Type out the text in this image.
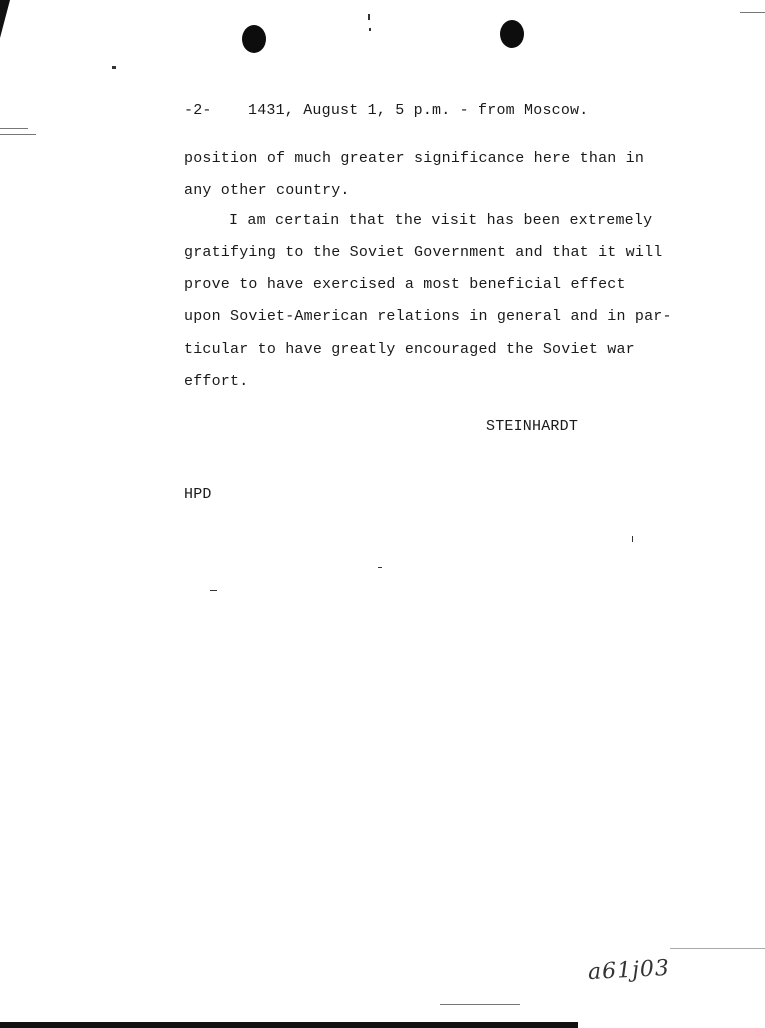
-2- 1431, August 1, 5 p.m. - from Moscow.
position of much greater significance here than in
any other country.
I am certain that the visit has been extremely
gratifying to the Soviet Government and that it will
prove to have exercised a most beneficial effect
upon Soviet-American relations in general and in par-
ticular to have greatly encouraged the Soviet war
effort.
STEINHARDT
HPD
a61j03
